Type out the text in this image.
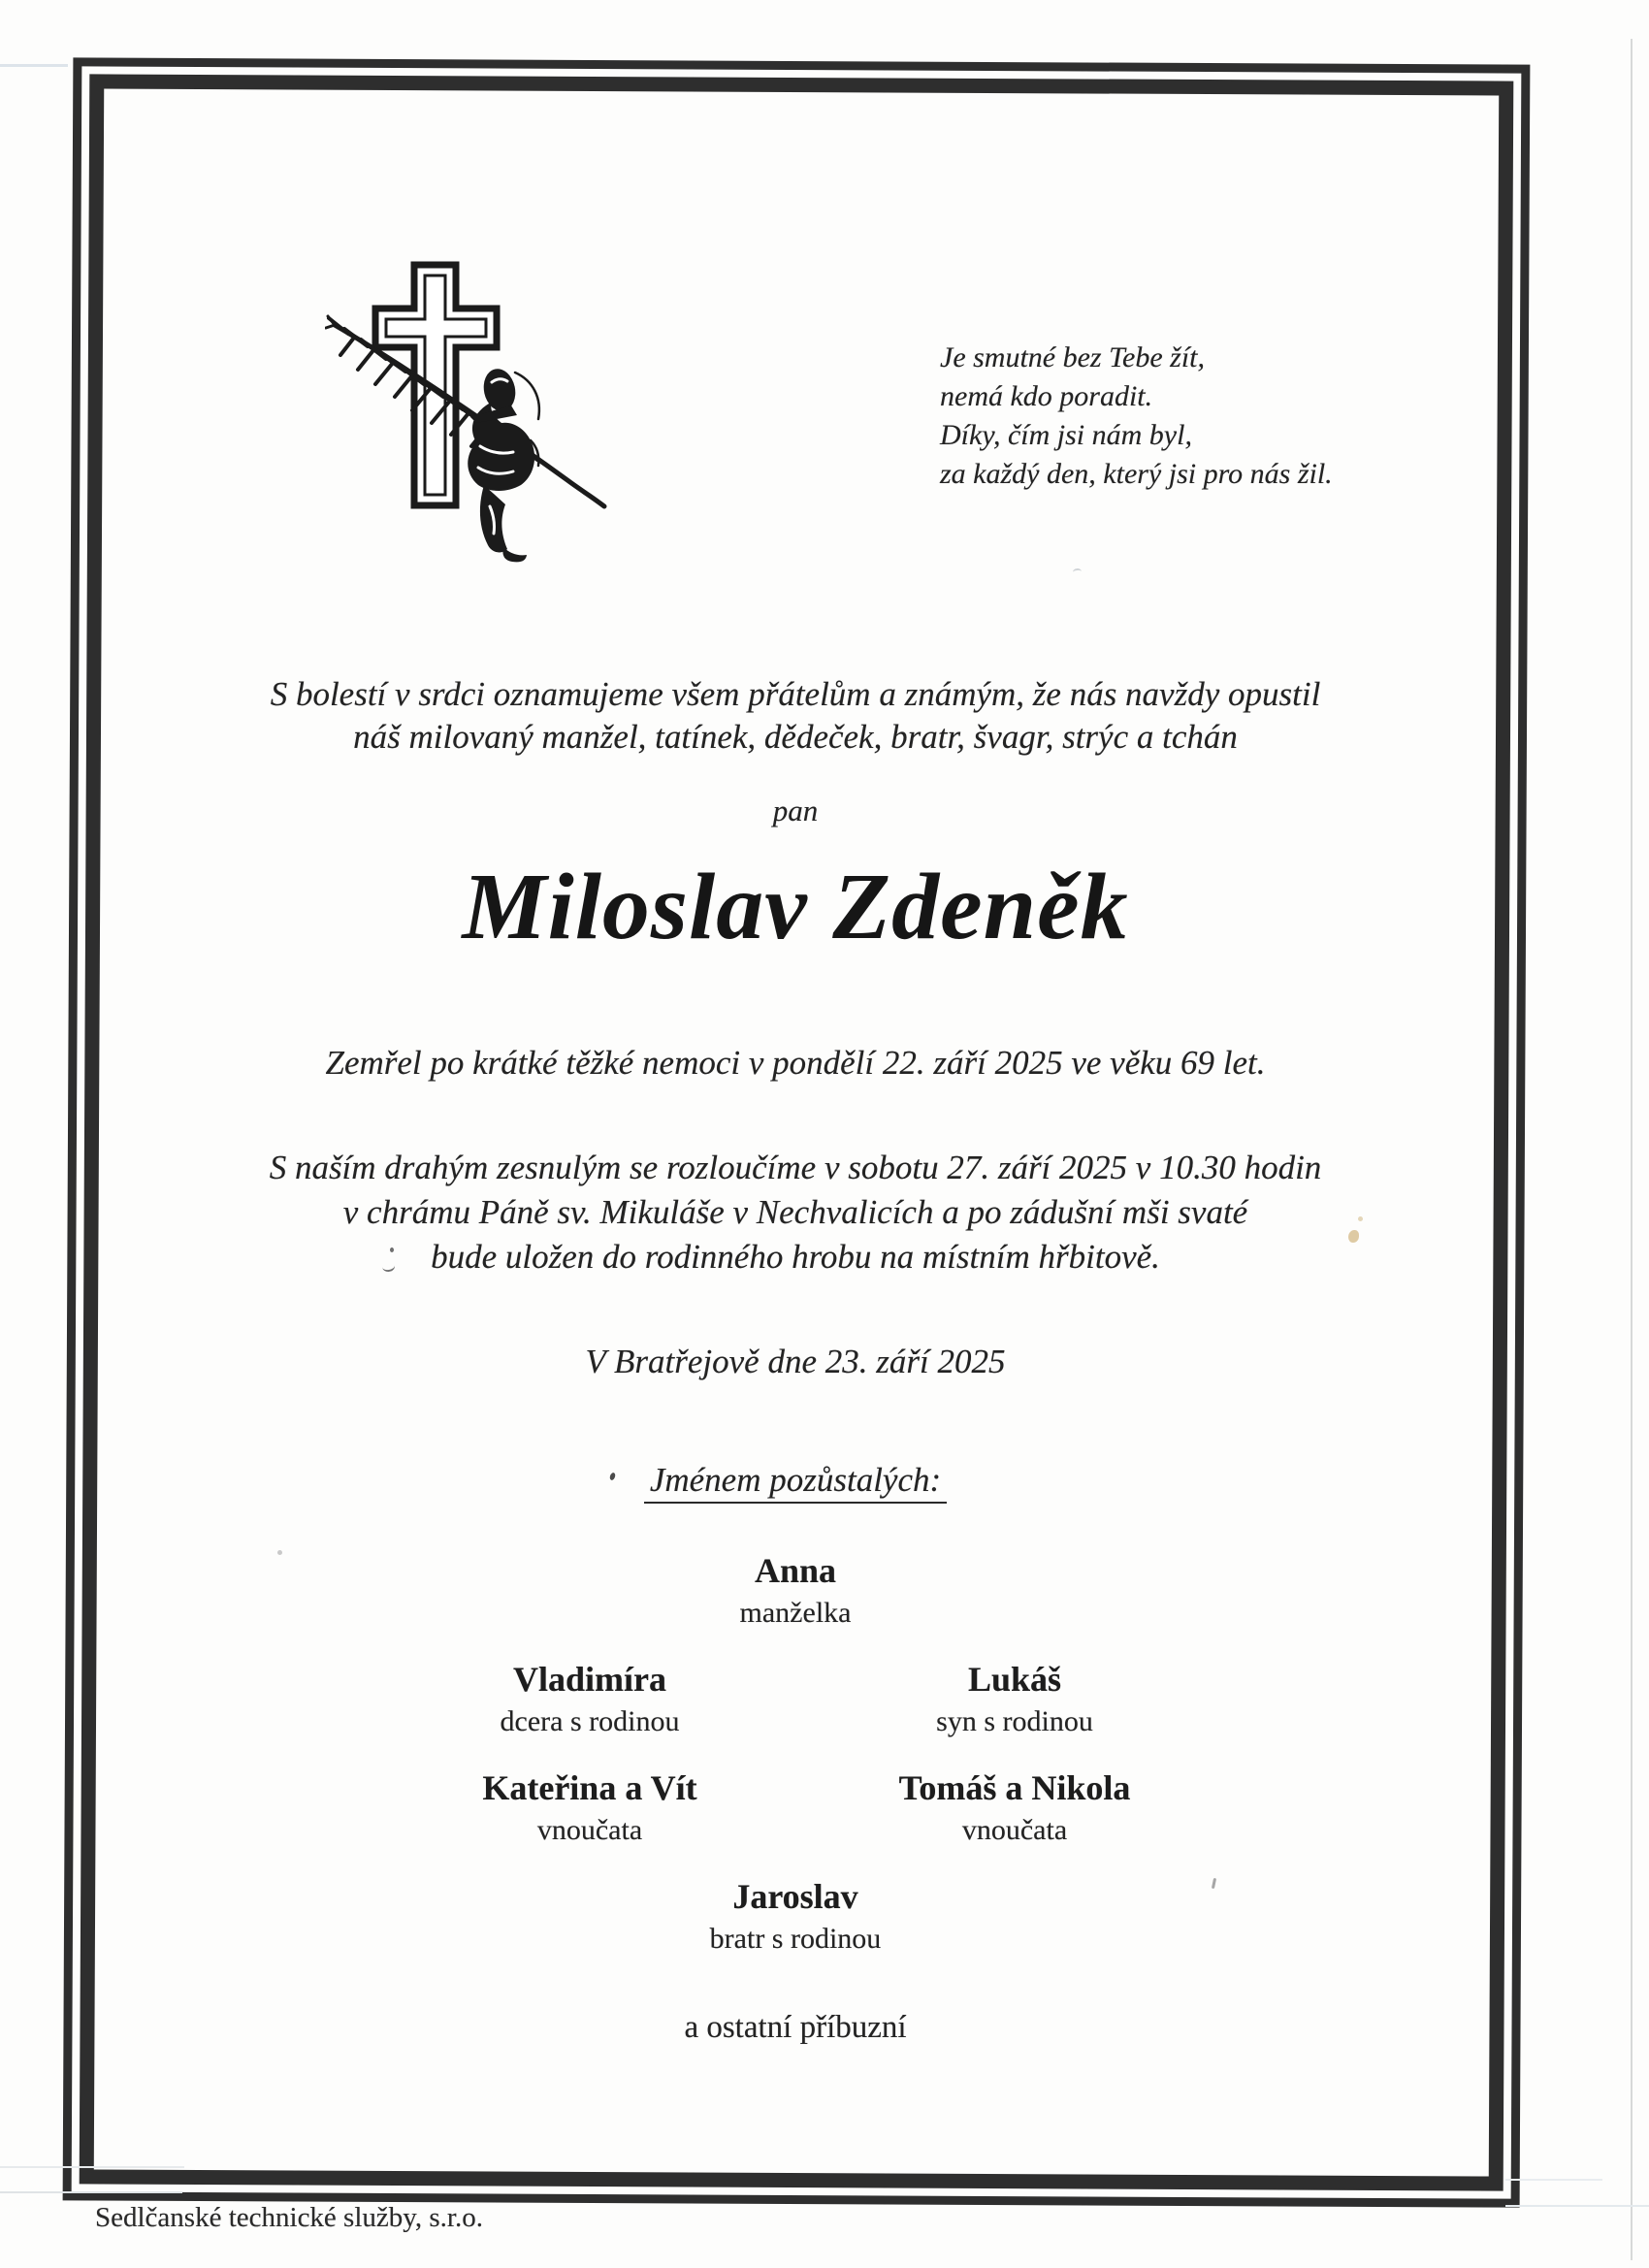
Je smutné bez Tebe žít,
nemá kdo poradit.
Díky, čím jsi nám byl,
za každý den, který jsi pro nás žil.
S bolestí v srdci oznamujeme všem přátelům a známým, že nás navždy opustil
náš milovaný manžel, tatínek, dědeček, bratr, švagr, strýc a tchán
pan
Miloslav Zdeněk
Zemřel po krátké těžké nemoci v pondělí 22. září 2025 ve věku 69 let.
S naším drahým zesnulým se rozloučíme v sobotu 27. září 2025 v 10.30 hodin
v chrámu Páně sv. Mikuláše v Nechvalicích a po zádušní mši svaté
bude uložen do rodinného hrobu na místním hřbitově.
V Bratřejově dne 23. září 2025
Jménem pozůstalých:
Anna
manželka
Vladimíra
dcera s rodinou
Lukáš
syn s rodinou
Kateřina a Vít
vnoučata
Tomáš a Nikola
vnoučata
Jaroslav
bratr s rodinou
a ostatní příbuzní
Sedlčanské technické služby, s.r.o.
